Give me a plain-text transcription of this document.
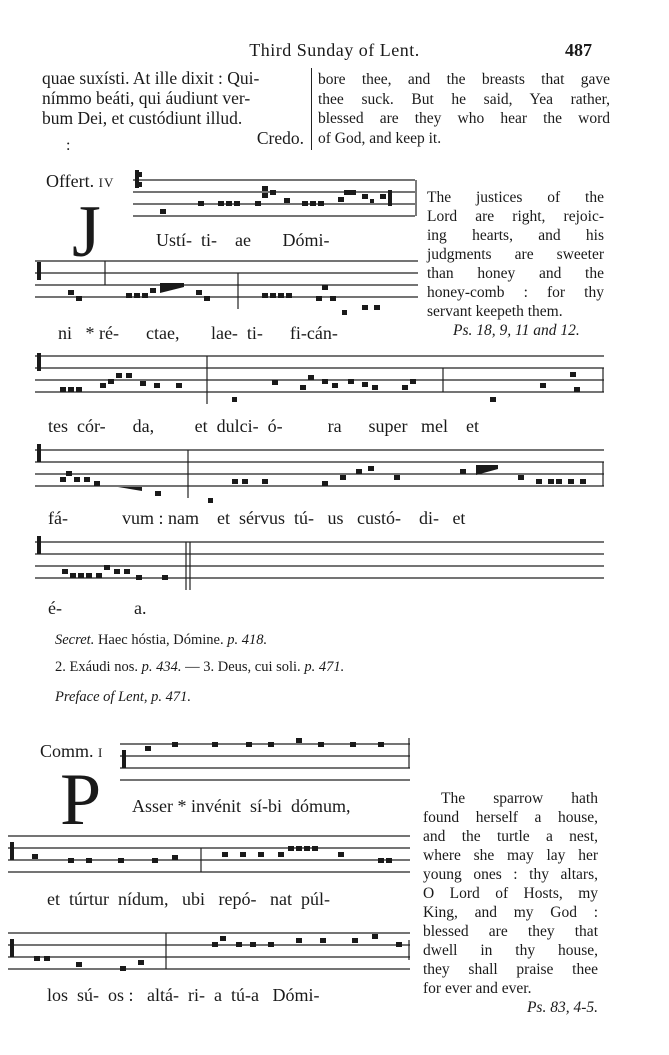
Third Sunday of Lent.	487
quae suxísti. At ille dixit : Qui-
nímmo beáti, qui áudiunt ver-
bum Dei, et custódiunt illud.
Credo.
bore thee, and the breasts that gave
thee suck. But he said, Yea rather,
blessed are they who hear the word
of God, and keep it.
:
Offert. IV
J	Ustí-  ti-    ae       Dómi-
ni   * ré-      ctae,       lae-  ti-      fi-cán-
tes  cór-      da,         et  dulci-  ó-          ra      super   mel    et
fá-            vum : nam    et  sérvus  tú-   us   custó-    di-   et
é-                a.
The justices of the
Lord are right, rejoic-
ing hearts, and his
judgments are sweeter
than honey and the
honey-comb : for thy
servant keepeth them.
Ps. 18, 9, 11 and 12.
Secret. Haec hóstia, Dómine. p. 418.
2. Exáudi nos. p. 434. — 3. Deus, cui soli. p. 471.
Preface of Lent, p. 471.
Comm. I
P Asser * invénit  sí-bi  dómum,
et  túrtur  nídum,   ubi   repó-   nat  púl-
los  sú-  os :   altá-  ri-  a  tú-a   Dómi-
The sparrow hath
found herself a house,
and the turtle a nest,
where she may lay her
young ones : thy altars,
O Lord of Hosts, my
King, and my God :
blessed are they that
dwell in thy house,
they shall praise thee
for ever and ever.
Ps. 83, 4-5.
